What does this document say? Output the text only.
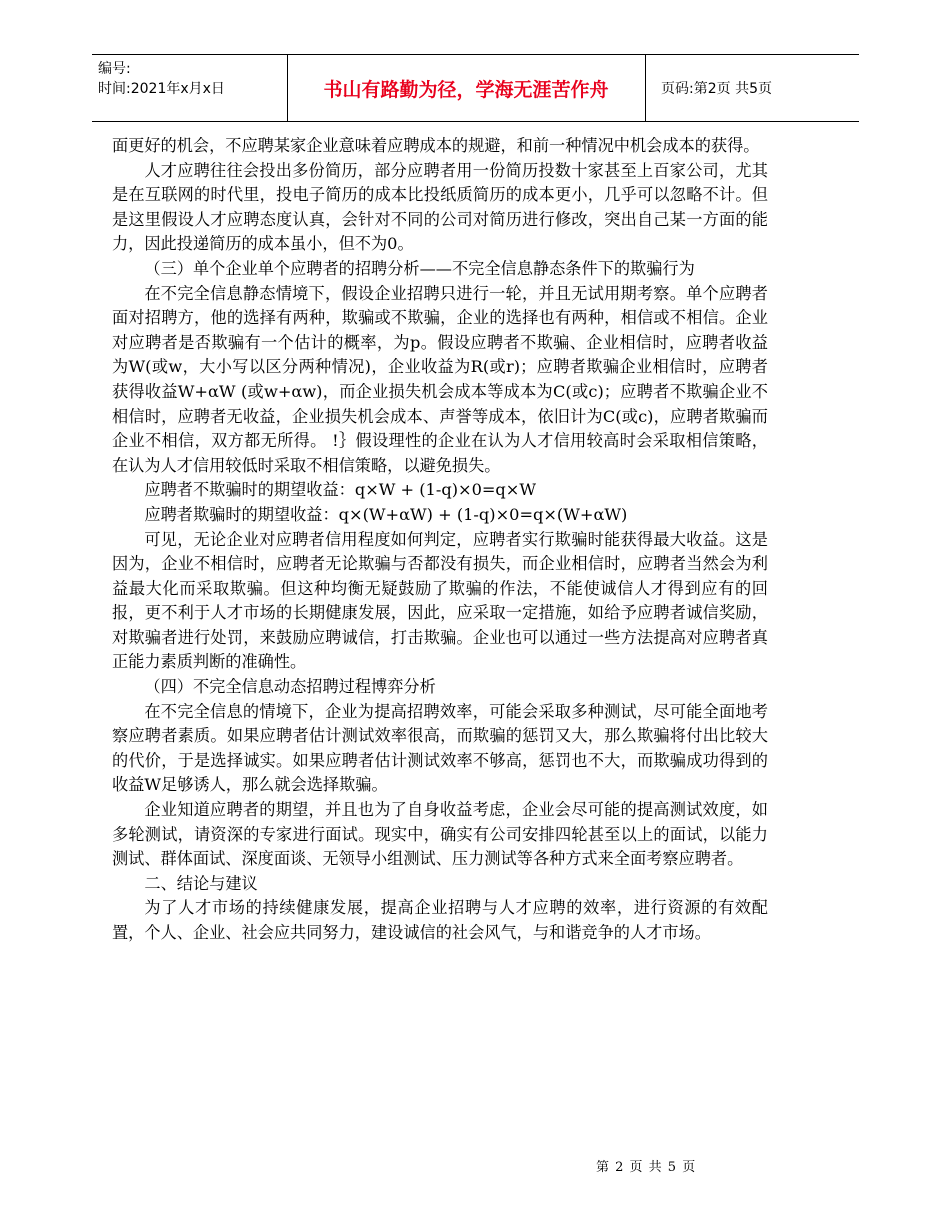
编号:
时间:2021年x月x日	书山有路勤为径，学海无涯苦作舟	页码:第2页 共5页

面更好的机会，不应聘某家企业意味着应聘成本的规避，和前一种情况中机会成本的获得。

人才应聘往往会投出多份简历，部分应聘者用一份简历投数十家甚至上百家公司，尤其是在互联网的时代里，投电子简历的成本比投纸质简历的成本更小，几乎可以忽略不计。但是这里假设人才应聘态度认真，会针对不同的公司对简历进行修改，突出自己某一方面的能力，因此投递简历的成本虽小，但不为0。

（三）单个企业单个应聘者的招聘分析——不完全信息静态条件下的欺骗行为

在不完全信息静态情境下，假设企业招聘只进行一轮，并且无试用期考察。单个应聘者面对招聘方，他的选择有两种，欺骗或不欺骗，企业的选择也有两种，相信或不相信。企业对应聘者是否欺骗有一个估计的概率，为p。假设应聘者不欺骗、企业相信时，应聘者收益为W(或w，大小写以区分两种情况)，企业收益为R(或r)；应聘者欺骗企业相信时，应聘者获得收益W+αW (或w+αw)，而企业损失机会成本等成本为C(或c)；应聘者不欺骗企业不相信时，应聘者无收益，企业损失机会成本、声誉等成本，依旧计为C(或c)，应聘者欺骗而企业不相信，双方都无所得。 !｝假设理性的企业在认为人才信用较高时会采取相信策略，在认为人才信用较低时采取不相信策略，以避免损失。

应聘者不欺骗时的期望收益：q×W + (1-q)×0=q×W

应聘者欺骗时的期望收益：q×(W+αW) + (1-q)×0=q×(W+αW)

可见，无论企业对应聘者信用程度如何判定，应聘者实行欺骗时能获得最大收益。这是因为，企业不相信时，应聘者无论欺骗与否都没有损失，而企业相信时，应聘者当然会为利益最大化而采取欺骗。但这种均衡无疑鼓励了欺骗的作法，不能使诚信人才得到应有的回报，更不利于人才市场的长期健康发展，因此，应采取一定措施，如给予应聘者诚信奖励，对欺骗者进行处罚，来鼓励应聘诚信，打击欺骗。企业也可以通过一些方法提高对应聘者真正能力素质判断的准确性。

（四）不完全信息动态招聘过程博弈分析

在不完全信息的情境下，企业为提高招聘效率，可能会采取多种测试，尽可能全面地考察应聘者素质。如果应聘者估计测试效率很高，而欺骗的惩罚又大，那么欺骗将付出比较大的代价，于是选择诚实。如果应聘者估计测试效率不够高，惩罚也不大，而欺骗成功得到的收益W足够诱人，那么就会选择欺骗。

企业知道应聘者的期望，并且也为了自身收益考虑，企业会尽可能的提高测试效度，如多轮测试，请资深的专家进行面试。现实中，确实有公司安排四轮甚至以上的面试，以能力测试、群体面试、深度面谈、无领导小组测试、压力测试等各种方式来全面考察应聘者。

二、结论与建议

为了人才市场的持续健康发展，提高企业招聘与人才应聘的效率，进行资源的有效配置，个人、企业、社会应共同努力，建设诚信的社会风气，与和谐竞争的人才市场。

第 2 页 共 5 页
